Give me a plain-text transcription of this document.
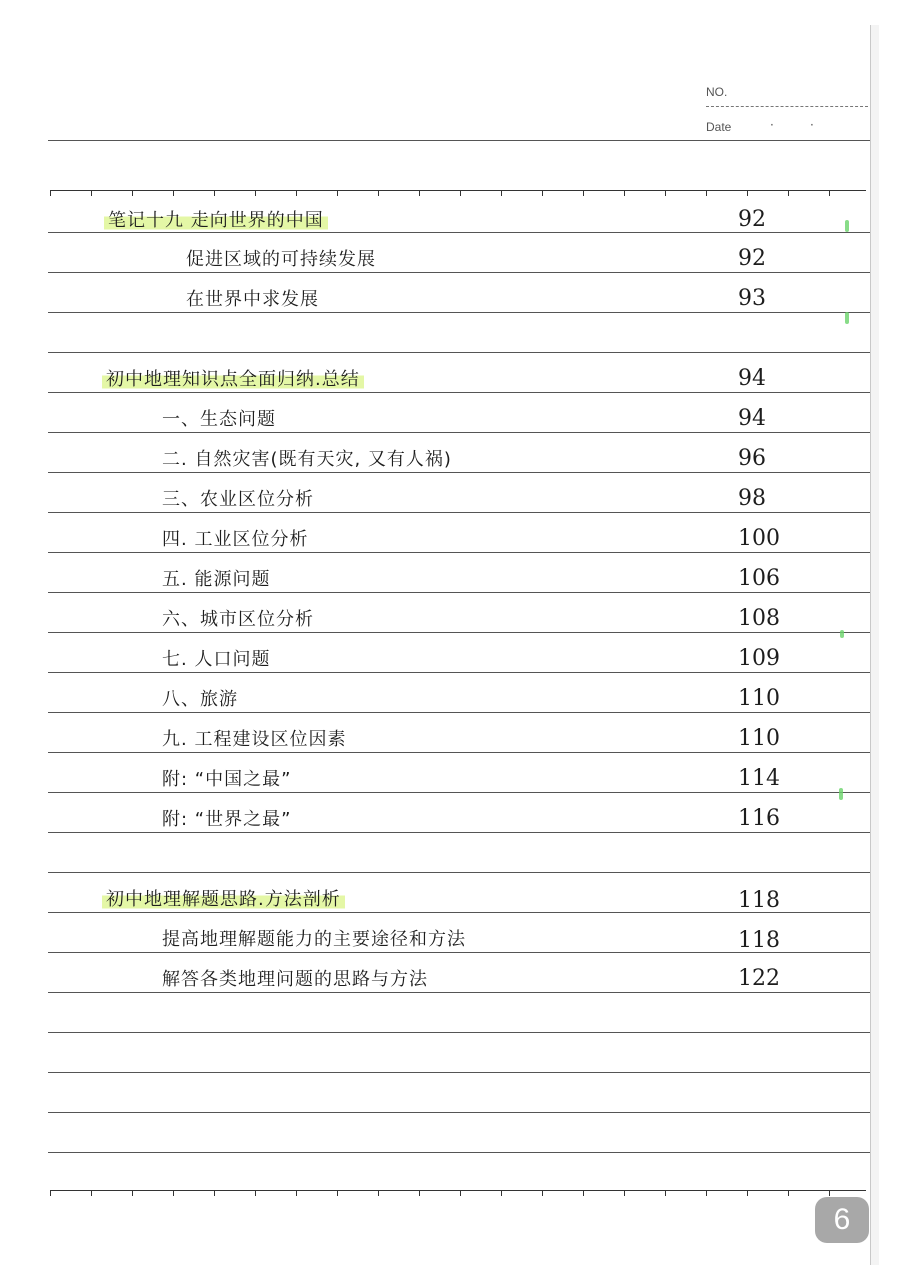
NO.
Date	·	·
笔记十九 走向世界的中国	92
促进区域的可持续发展	92
在世界中求发展	93
初中地理知识点全面归纳.总结	94
一、生态问题	94
二. 自然灾害(既有天灾, 又有人祸)	96
三、农业区位分析	98
四. 工业区位分析	100
五. 能源问题	106
六、城市区位分析	108
七. 人口问题	109
八、旅游	110
九. 工程建设区位因素	110
附: “中国之最”	114
附: “世界之最”	116
初中地理解题思路.方法剖析	118
提高地理解题能力的主要途径和方法	118
解答各类地理问题的思路与方法	122
6
